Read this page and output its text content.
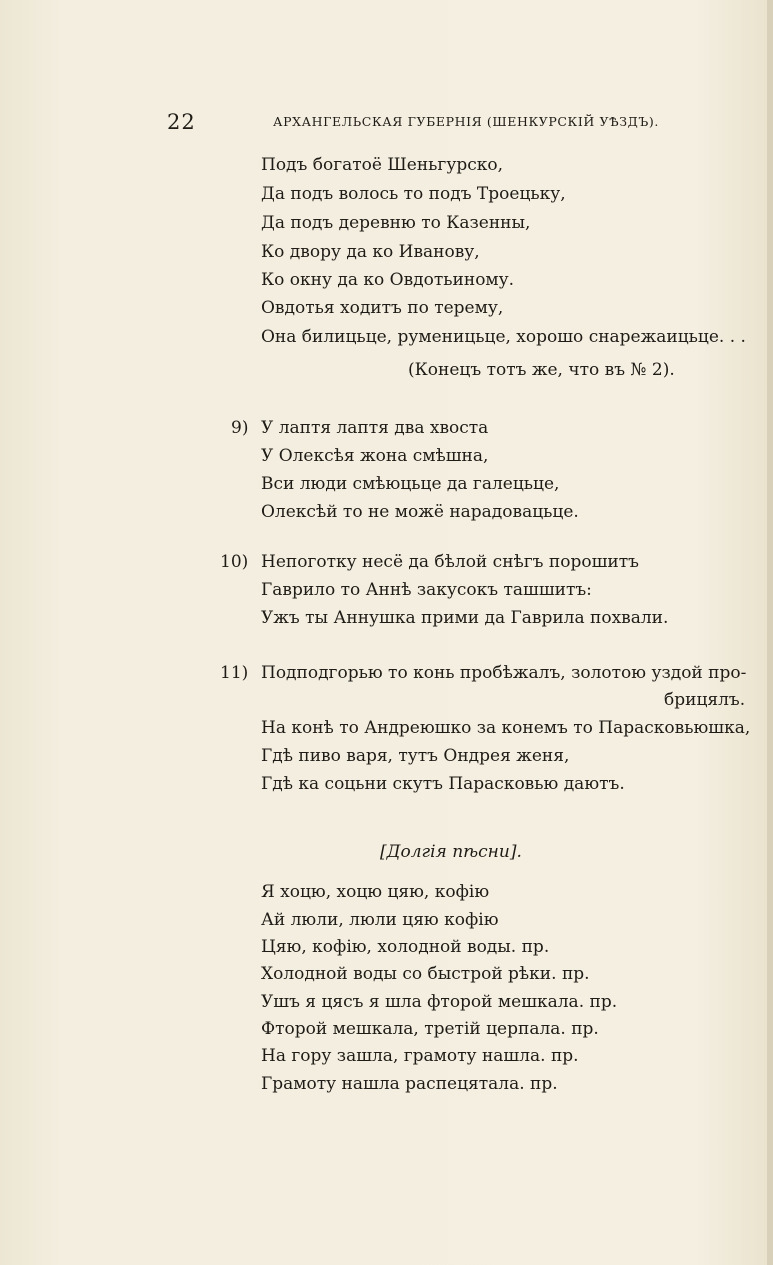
22	АРХАНГЕЛЬСКАЯ ГУБЕРНІЯ (ШЕНКУРСКІЙ УѢЗДЪ).
Подъ богатоё Шеньгурско,
Да подъ волось то подъ Троецьку,
Да подъ деревню то Казенны,
Ко двору да ко Иванову,
Ко окну да ко Овдотьиному.
Овдотья ходитъ по терему,
Она билицьце, руменицьце, хорошо снарежаицьце. . .
(Конецъ тотъ же, что въ № 2).
9) У лаптя лаптя два хвоста
У Олексѣя жона смѣшна,
Вси люди смѣюцьце да галецьце,
Олексѣй то не можё нарадовацьце.
10) Непоготку несё да бѣлой снѣгъ порошитъ
Гаврило то Аннѣ закусокъ ташшитъ:
Ужъ ты Аннушка прими да Гаврила похвали.
11) Подподгорью то конь пробѣжалъ, золотою уздой про-
брицялъ.
На конѣ то Андреюшко за конемъ то Парасковьюшка,
Гдѣ пиво варя, тутъ Ондрея женя,
Гдѣ ка соцьни скутъ Парасковью даютъ.
[Долгія пѣсни].
Я хоцю, хоцю цяю, кофію
Ай люли, люли цяю кофію
Цяю, кофію, холодной воды. пр.
Холодной воды со быстрой рѣки. пр.
Ушъ я цясъ я шла фторой мешкала. пр.
Фторой мешкала, третій церпала. пр.
На гору зашла, грамоту нашла. пр.
Грамоту нашла распецятала. пр.
